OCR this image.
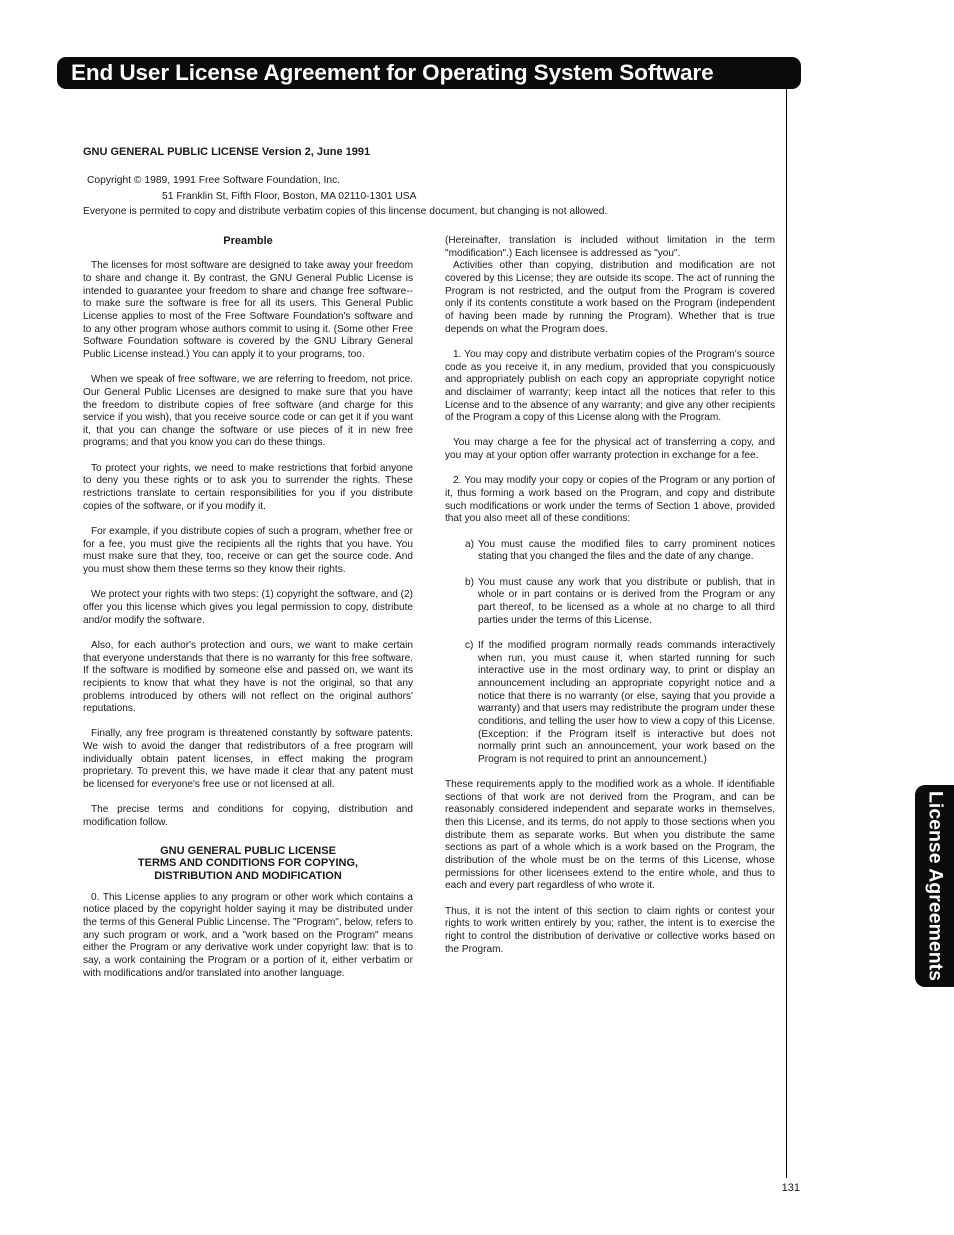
End User License Agreement for Operating System Software
License Agreements

GNU GENERAL PUBLIC LICENSE Version 2, June 1991

Copyright © 1989, 1991 Free Software Foundation, Inc.

51 Franklin St, Fifth Floor, Boston, MA 02110-1301 USA

Everyone is permited to copy and distribute verbatim copies of this lincense document, but changing is not allowed.

Preamble

The licenses for most software are designed to take away your freedom to share and change it. By contrast, the GNU General Public License is intended to guarantee your freedom to share and change free software--to make sure the software is free for all its users. This General Public License applies to most of the Free Software Foundation's software and to any other program whose authors commit to using it. (Some other Free Software Foundation software is covered by the GNU Library General Public License instead.) You can apply it to your programs, too.

When we speak of free software, we are referring to freedom, not price. Our General Public Licenses are designed to make sure that you have the freedom to distribute copies of free software (and charge for this service if you wish), that you receive source code or can get it if you want it, that you can change the software or use pieces of it in new free programs; and that you know you can do these things.

To protect your rights, we need to make restrictions that forbid anyone to deny you these rights or to ask you to surrender the rights. These restrictions translate to certain responsibilities for you if you distribute copies of the software, or if you modify it.

For example, if you distribute copies of such a program, whether free or for a fee, you must give the recipients all the rights that you have. You must make sure that they, too, receive or can get the source code. And you must show them these terms so they know their rights.

We protect your rights with two steps: (1) copyright the software, and (2) offer you this license which gives you legal permission to copy, distribute and/or modify the software.

Also, for each author's protection and ours, we want to make certain that everyone understands that there is no warranty for this free software. If the software is modified by someone else and passed on, we want its recipients to know that what they have is not the original, so that any problems introduced by others will not reflect on the original authors' reputations.

Finally, any free program is threatened constantly by software patents. We wish to avoid the danger that redistributors of a free program will individually obtain patent licenses, in effect making the program proprietary. To prevent this, we have made it clear that any patent must be licensed for everyone's free use or not licensed at all.

The precise terms and conditions for copying, distribution and modification follow.

GNU GENERAL PUBLIC LICENSE
TERMS AND CONDITIONS FOR COPYING,
DISTRIBUTION AND MODIFICATION

0. This License applies to any program or other work which contains a notice placed by the copyright holder saying it may be distributed under the terms of this General Public Lincense. The "Program", below, refers to any such program or work, and a "work based on the Program" means either the Program or any derivative work under copyright law: that is to say, a work containing the Program or a portion of it, either verbatim or with modifications and/or translated into another language.

(Hereinafter, translation is included without limitation in the term "modification".) Each licensee is addressed as "you".

Activities other than copying, distribution and modification are not covered by this License; they are outside its scope. The act of running the Program is not restricted, and the output from the Program is covered only if its contents constitute a work based on the Program (independent of having been made by running the Program). Whether that is true depends on what the Program does.

1. You may copy and distribute verbatim copies of the Program's source code as you receive it, in any medium, provided that you conspicuously and appropriately publish on each copy an appropriate copyright notice and disclaimer of warranty; keep intact all the notices that refer to this License and to the absence of any warranty; and give any other recipients of the Program a copy of this License along with the Program.

You may charge a fee for the physical act of transferring a copy, and you may at your option offer warranty protection in exchange for a fee.

2. You may modify your copy or copies of the Program or any portion of it, thus forming a work based on the Program, and copy and distribute such modifications or work under the terms of Section 1 above, provided that you also meet all of these conditions:

a) You must cause the modified files to carry prominent notices stating that you changed the files and the date of any change.
b) You must cause any work that you distribute or publish, that in whole or in part contains or is derived from the Program or any part thereof, to be licensed as a whole at no charge to all third parties under the terms of this License.
c) If the modified program normally reads commands interactively when run, you must cause it, when started running for such interactive use in the most ordinary way, to print or display an announcement including an appropriate copyright notice and a notice that there is no warranty (or else, saying that you provide a warranty) and that users may redistribute the program under these conditions, and telling the user how to view a copy of this License. (Exception: if the Program itself is interactive but does not normally print such an announcement, your work based on the Program is not required to print an announcement.)

These requirements apply to the modified work as a whole. If identifiable sections of that work are not derived from the Program, and can be reasonably considered independent and separate works in themselves, then this License, and its terms, do not apply to those sections when you distribute them as separate works. But when you distribute the same sections as part of a whole which is a work based on the Program, the distribution of the whole must be on the terms of this License, whose permissions for other licensees extend to the entire whole, and thus to each and every part regardless of who wrote it.

Thus, it is not the intent of this section to claim rights or contest your rights to work written entirely by you; rather, the intent is to exercise the right to control the distribution of derivative or collective works based on the Program.

131
